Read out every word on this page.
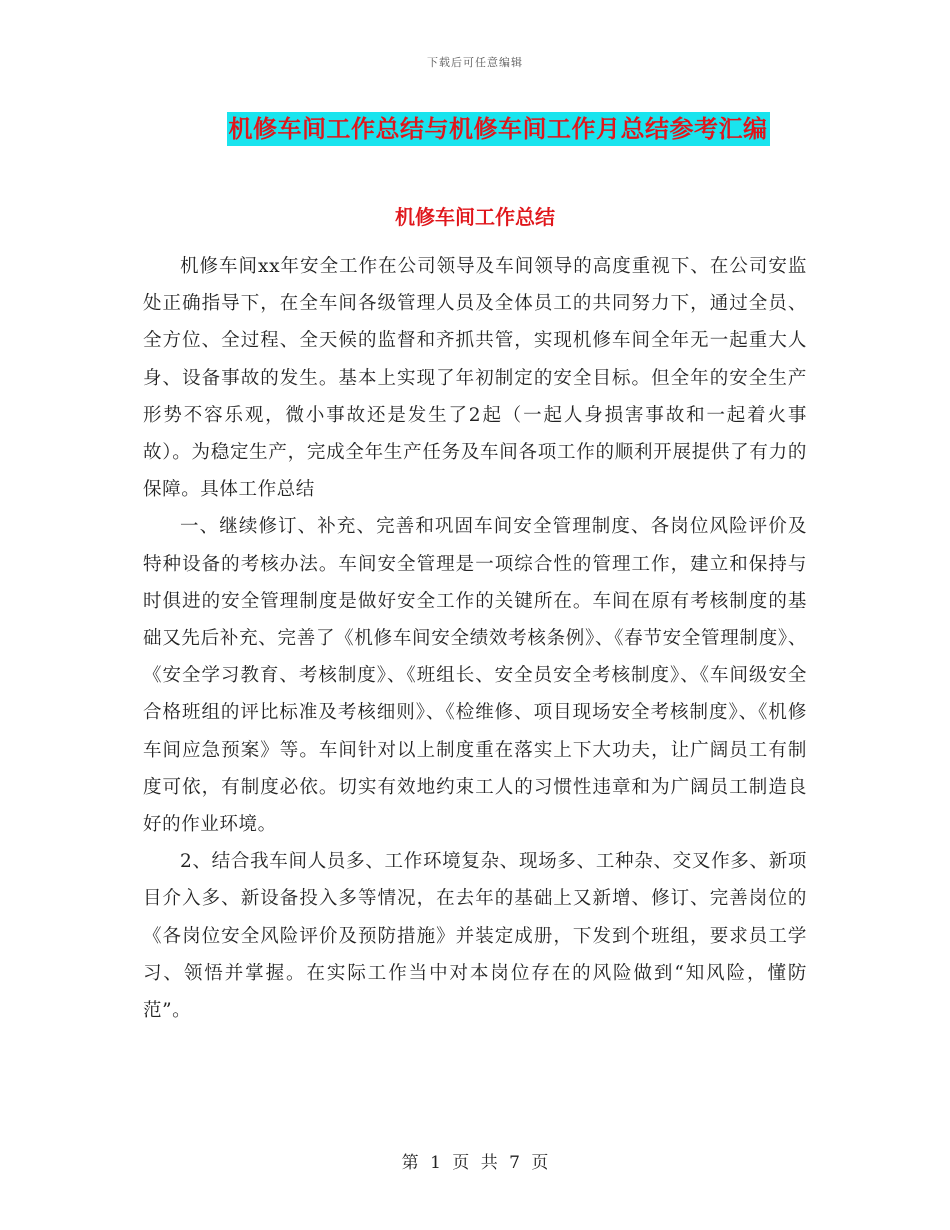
下载后可任意编辑
机修车间工作总结与机修车间工作月总结参考汇编
机修车间工作总结

机修车间xx年安全工作在公司领导及车间领导的高度重视下、在公司安监处正确指导下，在全车间各级管理人员及全体员工的共同努力下，通过全员、全方位、全过程、全天候的监督和齐抓共管，实现机修车间全年无一起重大人身、设备事故的发生。基本上实现了年初制定的安全目标。但全年的安全生产形势不容乐观，微小事故还是发生了2起（一起人身损害事故和一起着火事故）。为稳定生产，完成全年生产任务及车间各项工作的顺利开展提供了有力的保障。具体工作总结

一、继续修订、补充、完善和巩固车间安全管理制度、各岗位风险评价及特种设备的考核办法。车间安全管理是一项综合性的管理工作，建立和保持与时俱进的安全管理制度是做好安全工作的关键所在。车间在原有考核制度的基础又先后补充、完善了《机修车间安全绩效考核条例》、《春节安全管理制度》、《安全学习教育、考核制度》、《班组长、安全员安全考核制度》、《车间级安全合格班组的评比标准及考核细则》、《检维修、项目现场安全考核制度》、《机修车间应急预案》等。车间针对以上制度重在落实上下大功夫，让广阔员工有制度可依，有制度必依。切实有效地约束工人的习惯性违章和为广阔员工制造良好的作业环境。

2、结合我车间人员多、工作环境复杂、现场多、工种杂、交叉作多、新项目介入多、新设备投入多等情况，在去年的基础上又新增、修订、完善岗位的《各岗位安全风险评价及预防措施》并装定成册，下发到个班组，要求员工学习、领悟并掌握。在实际工作当中对本岗位存在的风险做到“知风险，懂防范”。

第 1 页 共 7 页
